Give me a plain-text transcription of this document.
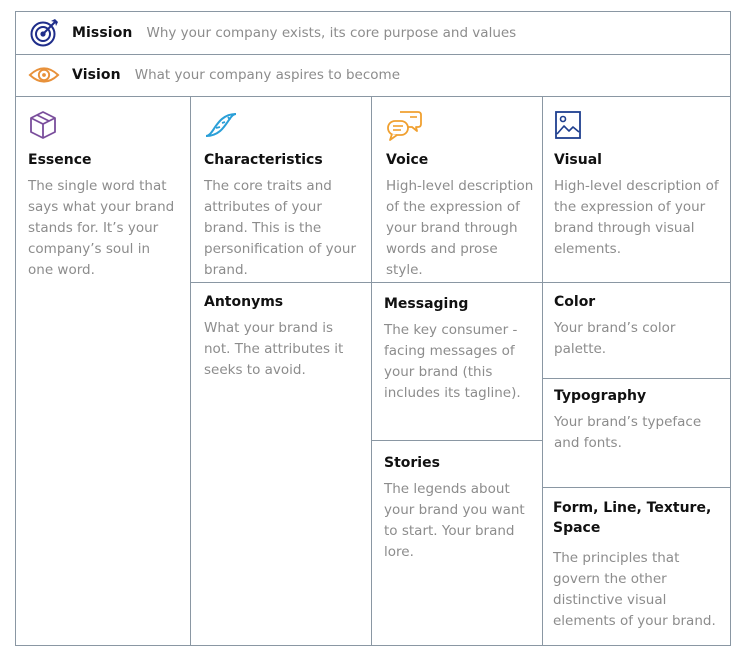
Mission Why your company exists, its core purpose and values
Vision What your company aspires to become
Essence
The single word that says what your brand stands for. It’s your company’s soul in one word.
Characteristics
The core traits and attributes of your brand. This is the personification of your brand.
Voice
High-level description of the expression of your brand through words and prose style.
Visual
High-level description of the expression of your brand through visual elements.
Antonyms
What your brand is not. The attributes it seeks to avoid.
Messaging
The key consumer -facing messages of your brand (this includes its tagline).
Stories
The legends about your brand you want to start. Your brand lore.
Color
Your brand’s color palette.
Typography
Your brand’s typeface and fonts.
Form, Line, Texture, Space
The principles that govern the other distinctive visual elements of your brand.
